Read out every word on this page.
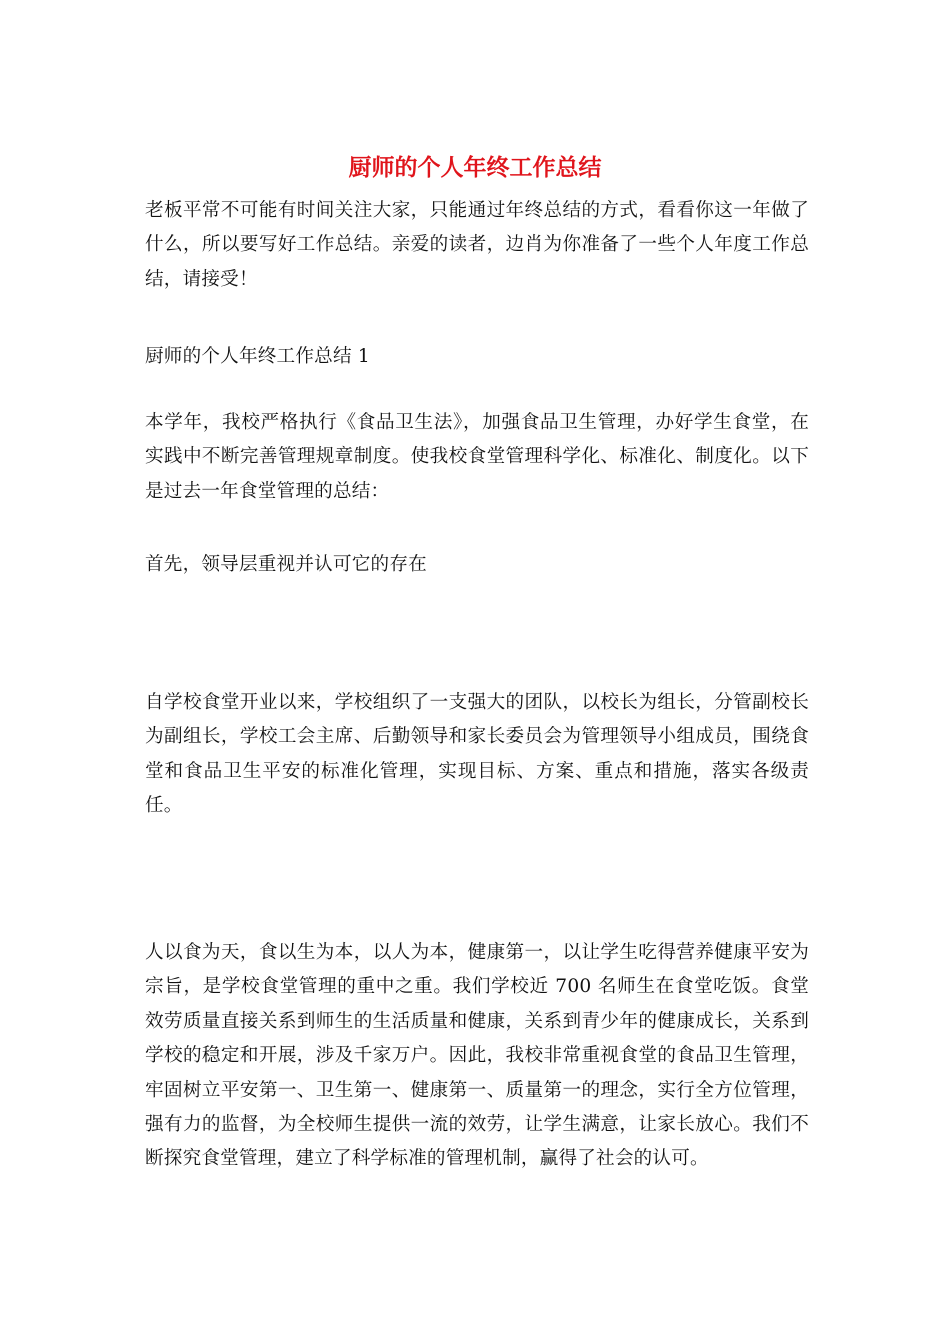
厨师的个人年终工作总结

老板平常不可能有时间关注大家，只能通过年终总结的方式，看看你这一年做了什么，所以要写好工作总结。亲爱的读者，边肖为你准备了一些个人年度工作总结，请接受！

厨师的个人年终工作总结 1

本学年，我校严格执行《食品卫生法》，加强食品卫生管理，办好学生食堂，在实践中不断完善管理规章制度。使我校食堂管理科学化、标准化、制度化。以下是过去一年食堂管理的总结：

首先，领导层重视并认可它的存在

自学校食堂开业以来，学校组织了一支强大的团队，以校长为组长，分管副校长为副组长，学校工会主席、后勤领导和家长委员会为管理领导小组成员，围绕食堂和食品卫生平安的标准化管理，实现目标、方案、重点和措施，落实各级责任。

人以食为天，食以生为本，以人为本，健康第一，以让学生吃得营养健康平安为宗旨，是学校食堂管理的重中之重。我们学校近 700 名师生在食堂吃饭。食堂效劳质量直接关系到师生的生活质量和健康，关系到青少年的健康成长，关系到学校的稳定和开展，涉及千家万户。因此，我校非常重视食堂的食品卫生管理，牢固树立平安第一、卫生第一、健康第一、质量第一的理念，实行全方位管理，强有力的监督，为全校师生提供一流的效劳，让学生满意，让家长放心。我们不断探究食堂管理，建立了科学标准的管理机制，赢得了社会的认可。
